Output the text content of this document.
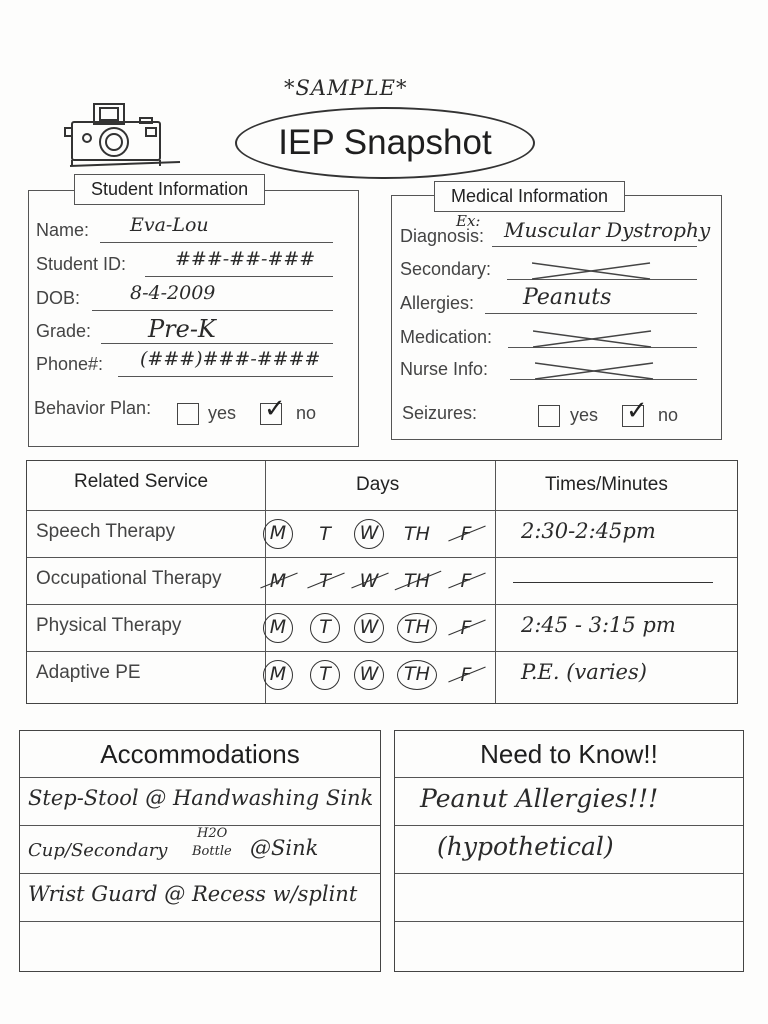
*SAMPLE*
IEP Snapshot
Student Information
Name: Eva-Lou
Student ID:	###-##-###
DOB:	8-4-2009
Grade: Pre-K
Phone#: (###)###-####
Behavior Plan:	yes ✓ no
Medical Information
Ex:
Diagnosis: Muscular Dystrophy
Secondary:
Allergies: Peanuts
Medication:
Nurse Info:
Seizures:	yes ✓ no
Related Service	Days	Times/Minutes
Speech Therapy	M	T	W	TH	F	2:30-2:45pm
Occupational Therapy	M	T	W	TH	F
Physical Therapy	M	T	W	TH	F	2:45 - 3:15 pm
Adaptive PE	M	T	W	TH	F	P.E. (varies)
Accommodations
Step-Stool @ Handwashing Sink
Cup/Secondary
H2O
Bottle @Sink
Wrist Guard @ Recess w/splint
Need to Know!!
Peanut Allergies!!!
(hypothetical)
